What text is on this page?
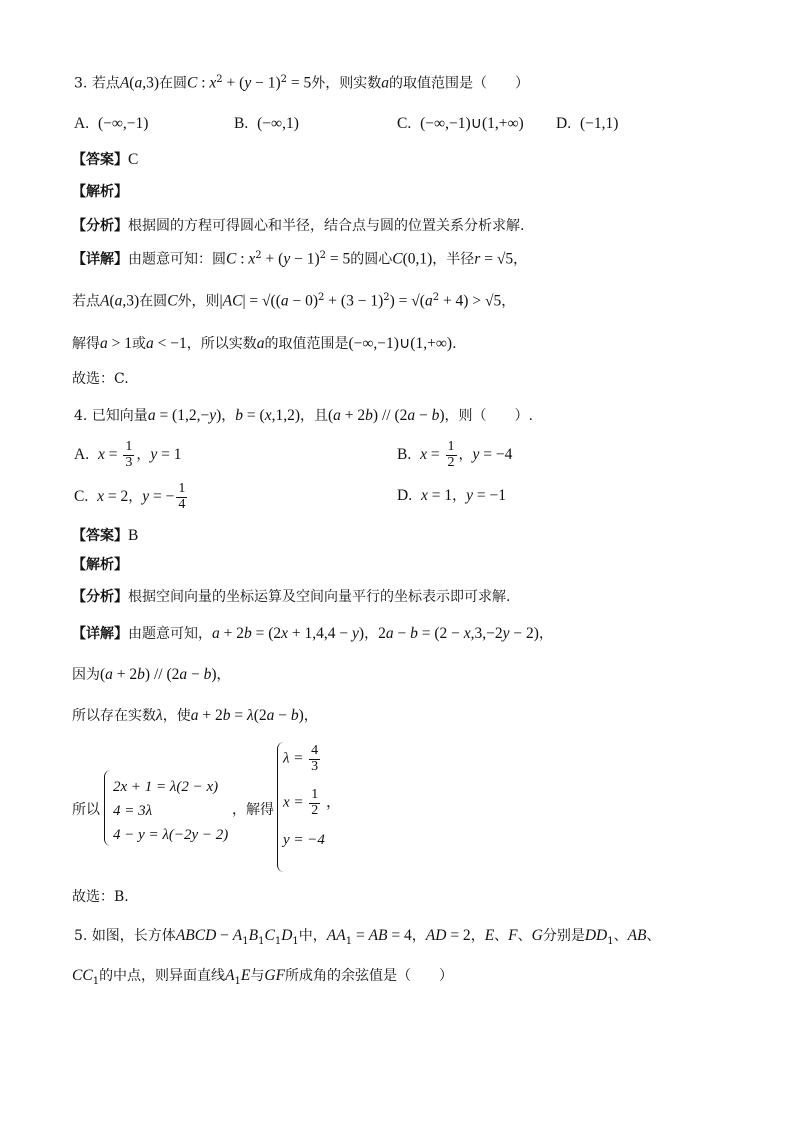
3. 若点A(a,3)在圆C : $x^2 + (y - 1)^2 = 5$外，则实数a的取值范围是（　　）
A. (−∞,−1)	B. (−∞,1)	C. (−∞,−1)∪(1,+∞) D. (−1,1)
【答案】C
【解析】
【分析】根据圆的方程可得圆心和半径，结合点与圆的位置关系分析求解.
【详解】由题意可知：圆C : $x^2 + (y - 1)^2 = 5$的圆心C(0,1)，半径r = √5，
若点A(a,3)在圆C外，则$|AC| = √((a - 0)^2 + (3 - 1)^2) = √(a^2 + 4) > √5$，
解得a > 1或a < −1，所以实数a的取值范围是(−∞,−1)∪(1,+∞).
故选：C.
4. 已知向量a = (1,2,−y)，b = (x,1,2)，且(a + 2b) // (2a − b)，则（　　）.
A. $x = \frac{1}{3}$ ，y = 1	B. $x = \frac{1}{2}$ ，y = −4
C. x = 2，y = − $\frac{1}{4}$	D. x = 1，y = −1
【答案】B
【解析】
【分析】根据空间向量的坐标运算及空间向量平行的坐标表示即可求解.
【详解】由题意可知，a + 2b = (2x + 1,4,4 − y)，2a − b = (2 − x,3,−2y − 2)，
因为(a + 2b) // (2a − b)，
所以存在实数λ，使a + 2b = λ(2a − b)，
所以
2x + 1 = λ(2 − x)
4 = 3λ
4 − y = λ(−2y − 2)
，解得
$\lambda = \frac{4}{3}$
$x = \frac{1}{2}$ ，
y = −4
故选：B.
5. 如图，长方体ABCD − $A_1B_1C_1D_1$中，$AA_1$ = AB = 4，AD = 2，E、F、G分别是$DD_1$、AB、
$CC_1$的中点，则异面直线$A_1E$与GF所成角的余弦值是（　　）
